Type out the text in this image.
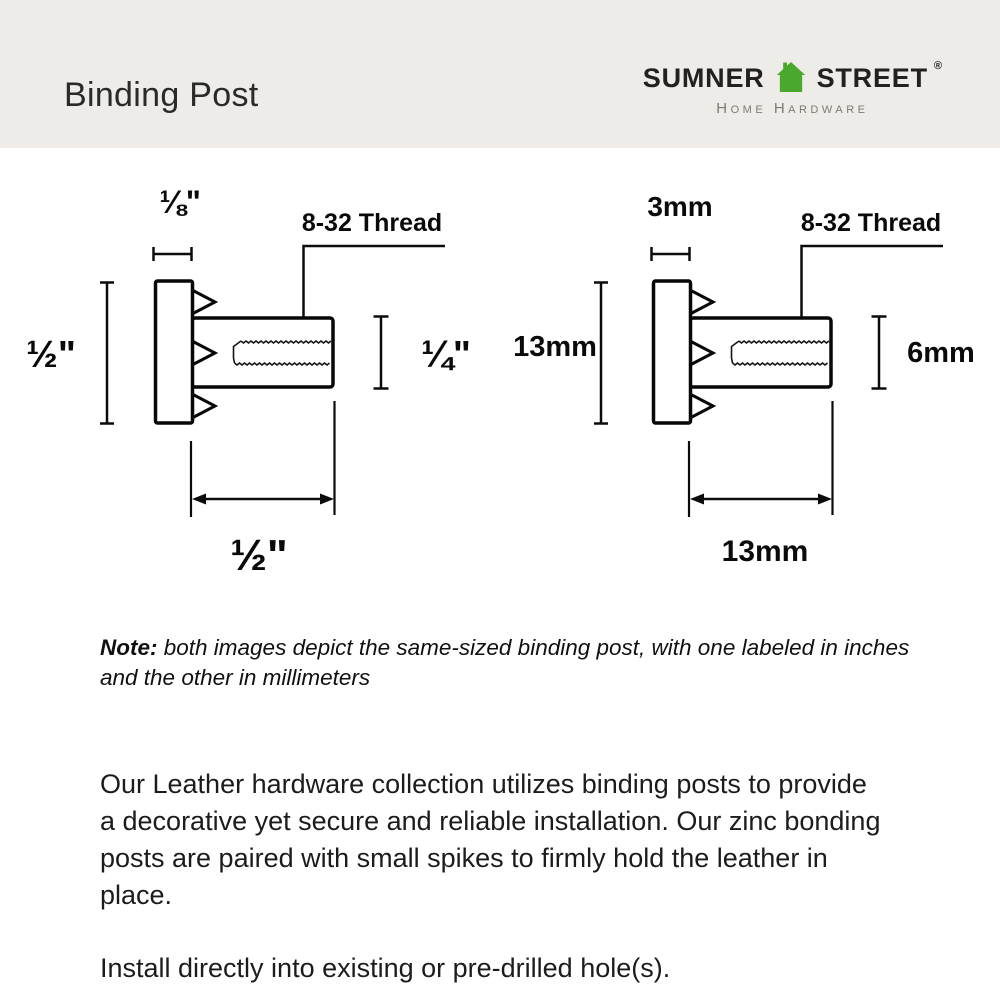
Binding Post	SUMNER STREET ®
Home Hardware
⅛"
½"
8-32 Thread
¼"
½"
3mm
13mm
8-32 Thread
6mm
13mm
Note: both images depict the same-sized binding post, with one labeled in inches
and the other in millimeters
Our Leather hardware collection utilizes binding posts to provide
a decorative yet secure and reliable installation. Our zinc bonding
posts are paired with small spikes to firmly hold the leather in
place.
Install directly into existing or pre-drilled hole(s).
